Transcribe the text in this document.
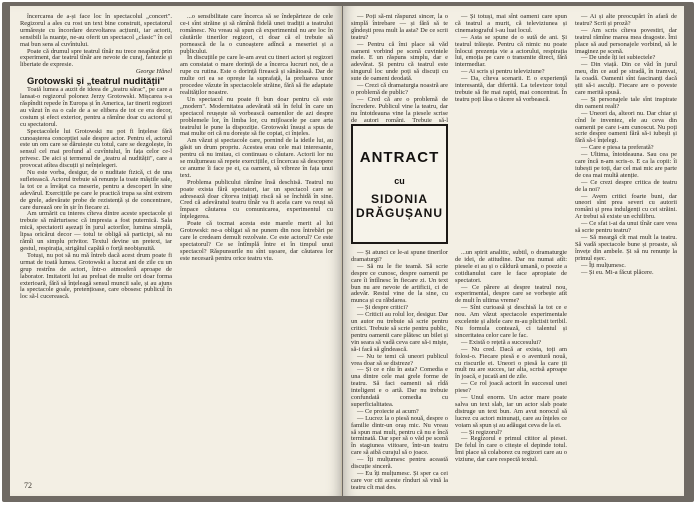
încercarea de a-și face loc în spectacolul „concert". Regizorul a ales cu rost un text bine construit, spectatorul urmărește cu încordare dezvoltarea acțiunii, iar actorii, sensibili la nuanțe, ne-au oferit un spectacol „clasic" în cel mai bun sens al cuvîntului.

Poate că drumul spre teatrul tînăr nu trece neapărat prin experiment, dar teatrul tînăr are nevoie de curaj, fantezie și libertate de expresie.

George Hănel

Grotowski și „teatrul nudității"

Toată lumea a auzit de ideea de „teatru sărac", pe care a lansat-o regizorul polonez Jerzy Grotowski. Mișcarea s-a răspîndit repede în Europa și în America, iar tinerii regizori au văzut în ea o cale de a se elibera de tot ce era decor, costum și efect exterior, pentru a rămîne doar cu actorul și cu spectatorul.

Spectacolele lui Grotowski nu pot fi înțelese fără cunoașterea concepției sale despre actor. Pentru el, actorul este un om care se dăruiește cu totul, care se dezgolește, în sensul cel mai profund al cuvîntului, în fața celor ce-l privesc. De aici și termenul de „teatru al nudității", care a provocat atîtea discuții și neînțelegeri.

Nu este vorba, desigur, de o nuditate fizică, ci de una sufletească. Actorul trebuie să renunțe la toate măștile sale, la tot ce a învățat ca meserie, pentru a descoperi în sine adevărul. Exercițiile pe care le practică trupa sa sînt extrem de grele, adevărate probe de rezistență și de concentrare, care durează ore în șir în fiecare zi.

Am urmărit cu interes cîteva dintre aceste spectacole și trebuie să mărturisesc că impresia a fost puternică. Sala mică, spectatorii așezați în jurul actorilor, lumina simplă, lipsa oricărui decor — totul te obligă să participi, să nu rămîi un simplu privitor. Textul devine un pretext, iar gestul, respirația, strigătul capătă o forță neobișnuită.

Totuși, nu pot să nu mă întreb dacă acest drum poate fi urmat de toată lumea. Grotowski a lucrat ani de zile cu un grup restrîns de actori, într-o atmosferă aproape de laborator. Imitatorii lui au preluat de multe ori doar forma exterioară, fără să înțeleagă sensul muncii sale, și au ajuns la spectacole goale, pretențioase, care obosesc publicul în loc să-l cucerească.

...o sensibilitate care încerca să se îndepărteze de cele ce-i sînt străine și să rămînă fidelă unei tradiții a teatrului românesc. Nu vreau să spun că experimentul nu are loc în căutările tinerilor regizori, ci doar că el trebuie să pornească de la o cunoaștere adîncă a meseriei și a publicului.

În discuțiile pe care le-am avut cu tineri actori și regizori am constatat o mare dorință de a încerca lucruri noi, de a rupe cu rutina. Este o dorință firească și sănătoasă. Dar de multe ori ea se oprește la suprafață, la preluarea unor procedee văzute în spectacolele străine, fără să fie adaptate realităților noastre.

Un spectacol nu poate fi bun doar pentru că este „modern". Modernitatea adevărată stă în felul în care un spectacol reușește să vorbească oamenilor de azi despre problemele lor, în limba lor, cu mijloacele pe care arta teatrului le pune la dispoziție. Grotowski însuși a spus de mai multe ori că nu dorește să fie copiat, ci înțeles.

Am văzut și spectacole care, pornind de la ideile lui, au găsit un drum propriu. Acestea erau cele mai interesante, pentru că nu imitau, ci continuau o căutare. Actorii lor nu se mulțumeau să repete exercițiile, ci încercau să descopere ce anume îi face pe ei, ca oameni, să vibreze în fața unui text.

Problema publicului rămîne însă deschisă. Teatrul nu poate exista fără spectatori, iar un spectacol care se adresează doar cîtorva inițiați riscă să se închidă în sine. Cred că adevăratul teatru tînăr va fi acela care va reuși să împace căutarea cu comunicarea, experimentul cu înțelegerea.

Poate că tocmai acesta este marele merit al lui Grotowski: ne-a obligat să ne punem din nou întrebări pe care le credeam demult rezolvate. Ce este actorul? Ce este spectatorul? Ce se întîmplă între ei în timpul unui spectacol? Răspunsurile nu sînt ușoare, dar căutarea lor este necesară pentru orice teatru viu.

72

— Poți să-mi răspunzi sincer, la o simplă întrebare — și fără să te gîndești prea mult la asta? De ce scrii teatru?

— Pentru că îmi place să văd oameni vorbind pe scenă cuvintele mele. E un răspuns simplu, dar e adevărat. Și pentru că teatrul este singurul loc unde poți să discuți cu sute de oameni deodată.

— Crezi că dramaturgia noastră are o problemă de public?

— Cred că are o problemă de încredere. Publicul vine la teatru, dar nu întotdeauna vine la piesele scrise de autori români. Trebuie să-l

ANTRACT
cu
SIDONIA DRĂGUȘANU

— Și atunci ce le-ai spune tinerilor dramaturgi?

— Să nu le fie teamă. Să scrie despre ce cunosc, despre oamenii pe care îi întîlnesc în fiecare zi. Un text bun nu are nevoie de artificii, ci de adevăr. Restul vine de la sine, cu munca și cu răbdarea.

— Și despre critici?

— Criticii au rolul lor, desigur. Dar un autor nu trebuie să scrie pentru critici. Trebuie să scrie pentru public, pentru oamenii care plătesc un bilet și vin seara să vadă ceva care să-i miște, să-i facă să gîndească.

— Nu te temi că uneori publicul vrea doar să se distreze?

— Și ce e rău în asta? Comedia e una dintre cele mai grele forme de teatru. Să faci oamenii să rîdă inteligent e o artă. Dar nu trebuie confundată comedia cu superficialitatea.

— Ce proiecte ai acum?

— Lucrez la o piesă nouă, despre o familie dintr-un oraș mic. Nu vreau să spun mai mult, pentru că nu e încă terminată. Dar sper să o văd pe scenă în stagiunea viitoare, într-un teatru care să aibă curajul să o joace.

— Îți mulțumesc pentru această discuție sinceră.

— Eu îți mulțumesc. Și sper ca cei care vor citi aceste rînduri să vină la teatru cît mai des.

— Și totuși, mai sînt oameni care spun că teatrul a murit, că televiziunea și cinematograful i-au luat locul.

— Asta se spune de o sută de ani. Și teatrul trăiește. Pentru că nimic nu poate înlocui prezența vie a actorului, respirația lui, emoția pe care o transmite direct, fără intermediar.

— Ai scris și pentru televiziune?

— Da, cîteva scenarii. E o experiență interesantă, dar diferită. La televizor totul trebuie să fie mai rapid, mai concentrat. În teatru poți lăsa o tăcere să vorbească.

...un spirit analitic, subtil, o dramaturgie de idei, de atitudine. Dar nu numai atît: piesele ei au și o căldură umană, o poezie a cotidianului care le face apropiate de spectatori.

— Ce părere ai despre teatrul nou, experimental, despre care se vorbește atît de mult în ultima vreme?

— Sînt curioasă și deschisă la tot ce e nou. Am văzut spectacole experimentale excelente și altele care m-au plictisit teribil. Nu formula contează, ci talentul și sinceritatea celor care le fac.

— Există o rețetă a succesului?

— Nu cred. Dacă ar exista, toți am folosi-o. Fiecare piesă e o aventură nouă, cu riscurile ei. Uneori o piesă la care ții mult nu are succes, iar alta, scrisă aproape în joacă, e jucată ani de zile.

— Ce rol joacă actorii în succesul unei piese?

— Unul enorm. Un actor mare poate salva un text slab, iar un actor slab poate distruge un text bun. Am avut norocul să lucrez cu actori minunați, care au înțeles ce voiam să spun și au adăugat ceva de la ei.

— Și regizorul?

— Regizorul e primul cititor al piesei. De felul în care o citește el depinde totul. Îmi place să colaborez cu regizori care au o viziune, dar care respectă textul.

— Ai și alte preocupări în afară de teatru? Scrii și proză?

— Am scris cîteva povestiri, dar teatrul rămîne marea mea dragoste. Îmi place să aud personajele vorbind, să le imaginez pe scenă.

— De unde îți iei subiectele?

— Din viață. Din ce văd în jurul meu, din ce aud pe stradă, în tramvai, la coadă. Oamenii sînt fascinanți dacă știi să-i asculți. Fiecare are o poveste care merită spusă.

— Și personajele tale sînt inspirate din oameni reali?

— Uneori da, alteori nu. Dar chiar și cînd le inventez, ele au ceva din oamenii pe care i-am cunoscut. Nu poți scrie despre oameni fără să-i iubești și fără să-i înțelegi.

— Care e piesa ta preferată?

— Ultima, întotdeauna. Sau cea pe care încă n-am scris-o. E ca la copii: îi iubești pe toți, dar cel mai mic are parte de cea mai multă atenție.

— Ce crezi despre critica de teatru de la noi?

— Avem critici foarte buni, dar uneori sînt prea severi cu autorii români și prea indulgenți cu cei străini. Ar trebui să existe un echilibru.

— Ce sfat i-ai da unui tînăr care vrea să scrie pentru teatru?

— Să meargă cît mai mult la teatru. Să vadă spectacole bune și proaste, să învețe din ambele. Și să nu renunțe la primul eșec.

— Îți mulțumesc.

— Și eu. Mi-a făcut plăcere.
